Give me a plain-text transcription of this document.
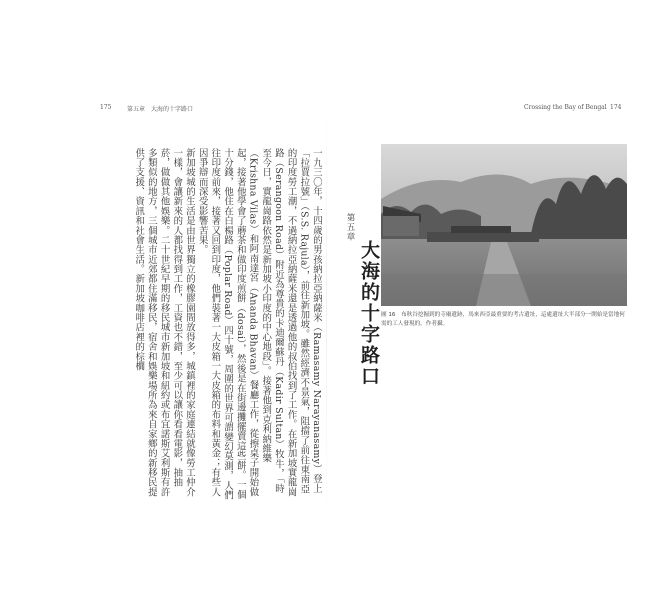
175	第五章　大海的十字路口	Crossing the Bay of Bengal 174

一九三〇年，十四歲的男孩納拉亞納薩米（Ramasamy Narayanasamy）登上「拉賈拉號」（S.S. Rajula），前往新加坡。雖然經濟不景氣，阻擋了前往東南亞的印度勞工潮，不過納拉亞納薩米還是透過他的叔伯找到了工作。在新加坡實龍崗路（Serangoon Road）附近為尊貴的卡迪爾蘇丹（Kadir Sultan）牧牛，「時至今日，實龍崗路依然是新加坡小印度的中心地段」。接著他到克利納維樂（Krishna Vilas）和阿南達宮（Ananda Bhavan）餐廳工作，從擦桌子開始做起，接著他學會了蘑茶和做印度煎餅（dosai），然後是在街邊攤擺賣這些餅。一個十分錢，他住在白楊路（Poplar Road）四十號，周圍的世界可謂變幻莫測，人們往印度前來，接著又回到印度，他們裝著一大皮箱一大皮箱的布料和黃金；有些人因爭辯而深受影響苦果。

新加坡城的生活是由世界獨立的橡膠園間放得多，城鎮裡的家庭連結就像勞工仲介一樣，會讓新來的人都找得到工作，工資也不錯，至少可以讓你看看電影，抽抽菸，做做其他娛樂。二十世紀早期的移民城市新加坡和紐約或布宜諾斯艾利斯有許多類似的地方，三個城市近郊都住滿移民，宿舍和娛樂場所為來自家鄉的新移民提供了支援、資訊和社會生活。新加坡咖啡店裡的棕櫚	第五章
大海的十字路口 圖 16　布秋谷挖掘到的寺廟遺跡，馬來西亞最重要的考古遺址，這處遺址大半部分一開始是當地何需的工人發現的，作者攝。
